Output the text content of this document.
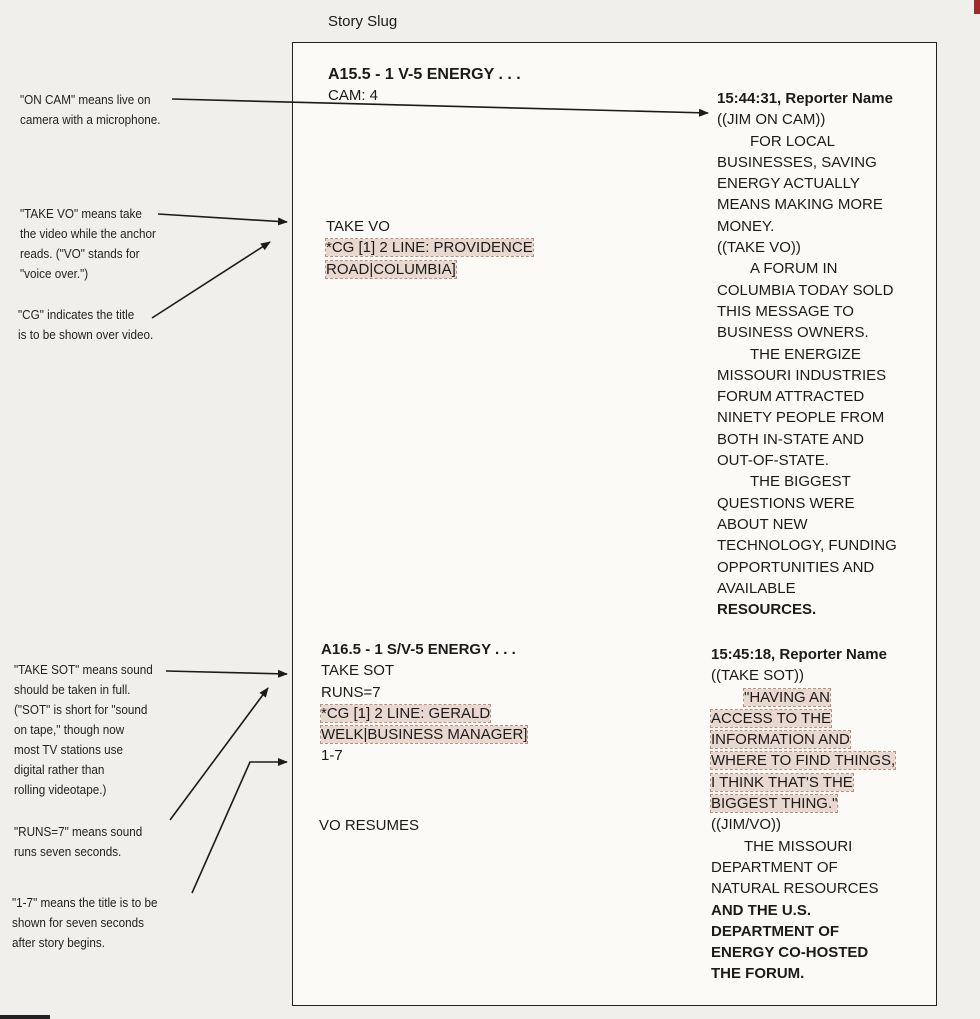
Story Slug
"ON CAM" means live on
camera with a microphone.
"TAKE VO" means take
the video while the anchor
reads. ("VO" stands for
"voice over.")
"CG" indicates the title
is to be shown over video.
"TAKE SOT" means sound
should be taken in full.
("SOT" is short for "sound
on tape," though now
most TV stations use
digital rather than
rolling videotape.)
"RUNS=7" means sound
runs seven seconds.
"1-7" means the title is to be
shown for seven seconds
after story begins.
A15.5 - 1 V-5 ENERGY . . .
CAM: 4
TAKE VO
*CG [1] 2 LINE: PROVIDENCE
ROAD|COLUMBIA]
15:44:31, Reporter Name
((JIM ON CAM))
FOR LOCAL
BUSINESSES, SAVING
ENERGY ACTUALLY
MEANS MAKING MORE
MONEY.
((TAKE VO))
A FORUM IN
COLUMBIA TODAY SOLD
THIS MESSAGE TO
BUSINESS OWNERS.
THE ENERGIZE
MISSOURI INDUSTRIES
FORUM ATTRACTED
NINETY PEOPLE FROM
BOTH IN-STATE AND
OUT-OF-STATE.
THE BIGGEST
QUESTIONS WERE
ABOUT NEW
TECHNOLOGY, FUNDING
OPPORTUNITIES AND
AVAILABLE
RESOURCES.
A16.5 - 1 S/V-5 ENERGY . . .
TAKE SOT
RUNS=7
*CG [1] 2 LINE: GERALD
WELK|BUSINESS MANAGER]
1-7
VO RESUMES
15:45:18, Reporter Name
((TAKE SOT))
"HAVING AN
ACCESS TO THE
INFORMATION AND
WHERE TO FIND THINGS,
I THINK THAT'S THE
BIGGEST THING."
((JIM/VO))
THE MISSOURI
DEPARTMENT OF
NATURAL RESOURCES
AND THE U.S.
DEPARTMENT OF
ENERGY CO-HOSTED
THE FORUM.
